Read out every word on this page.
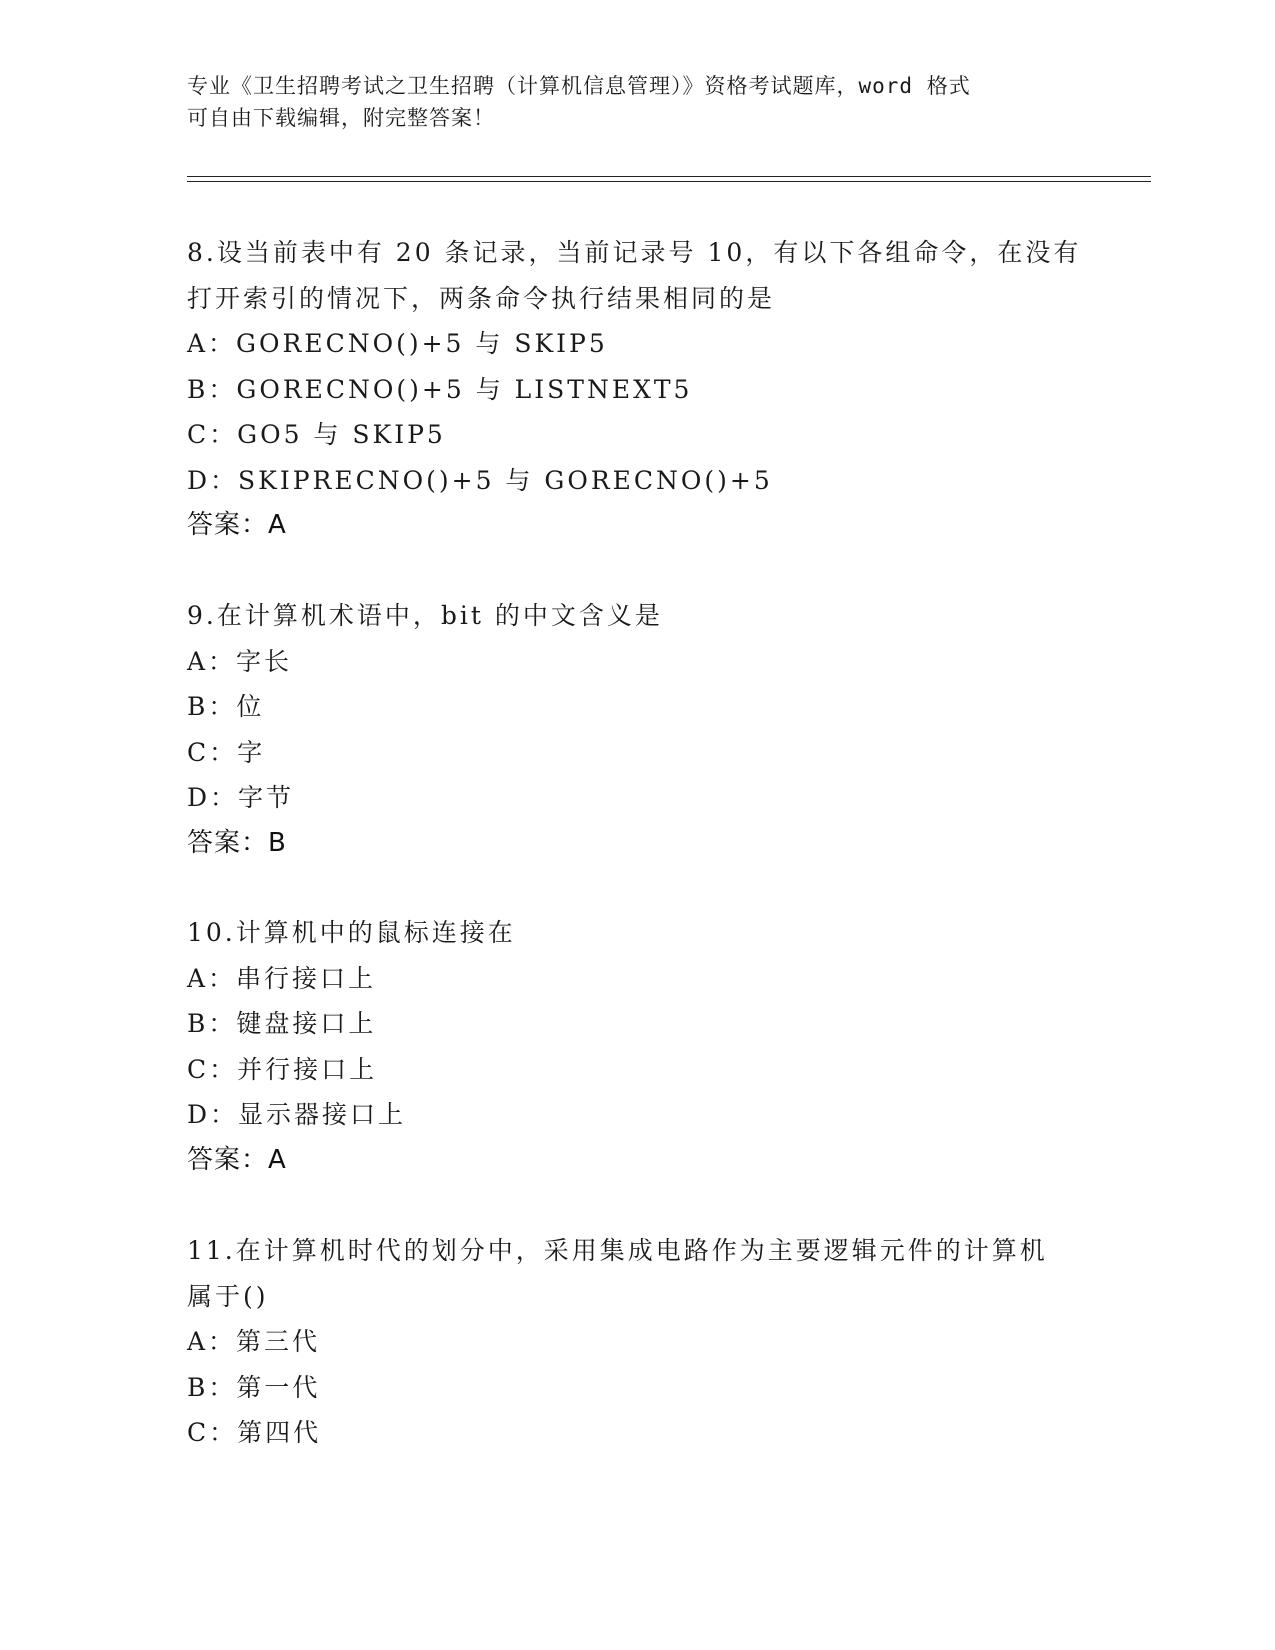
专业《卫生招聘考试之卫生招聘（计算机信息管理）》资格考试题库，word 格式
可自由下载编辑，附完整答案！
8.设当前表中有 20 条记录，当前记录号 10，有以下各组命令，在没有
打开索引的情况下，两条命令执行结果相同的是
A：GORECNO()+5 与 SKIP5
B：GORECNO()+5 与 LISTNEXT5
C：GO5 与 SKIP5
D：SKIPRECNO()+5 与 GORECNO()+5
答案：A
9.在计算机术语中，bit 的中文含义是
A：字长
B：位
C：字
D：字节
答案：B
10.计算机中的鼠标连接在
A：串行接口上
B：键盘接口上
C：并行接口上
D：显示器接口上
答案：A
11.在计算机时代的划分中，采用集成电路作为主要逻辑元件的计算机
属于()
A：第三代
B：第一代
C：第四代
